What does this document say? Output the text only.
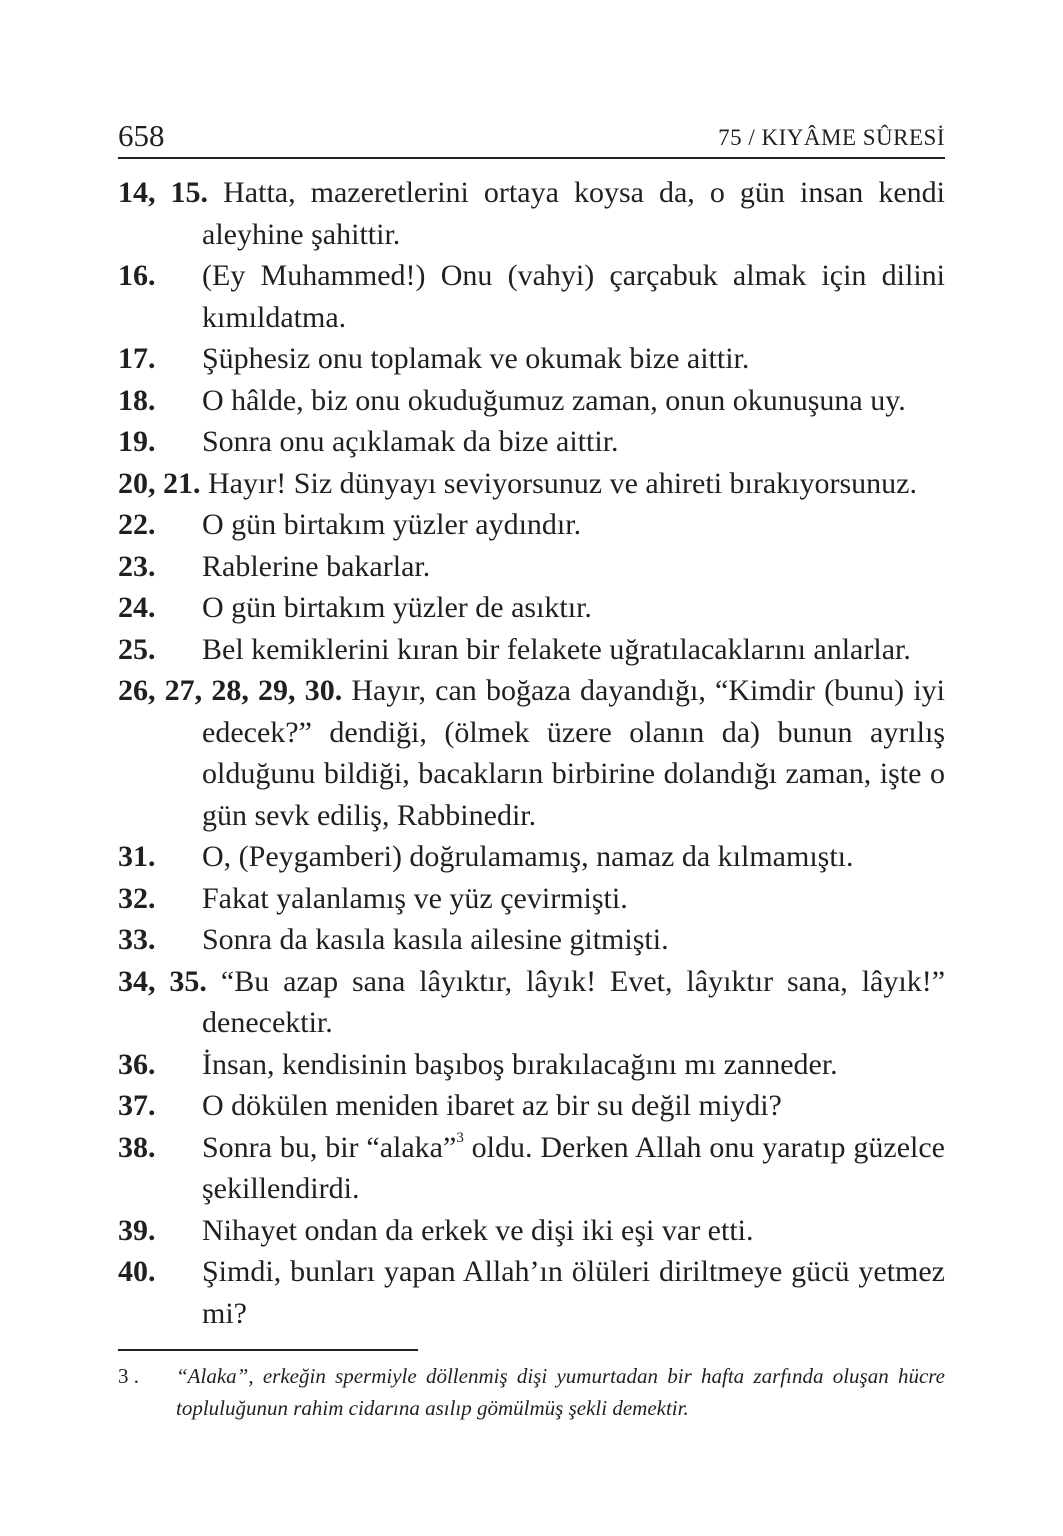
658	75 / KIYÂME SÛRESİ
14, 15. Hatta, mazeretlerini ortaya koysa da, o gün insan kendi aleyhine şahittir.
16.	(Ey Muhammed!) Onu (vahyi) çarçabuk almak için dilini kımıldatma.
17.	Şüphesiz onu toplamak ve okumak bize aittir.
18.	O hâlde, biz onu okuduğumuz zaman, onun okunuşuna uy.
19.	Sonra onu açıklamak da bize aittir.
20, 21. Hayır! Siz dünyayı seviyorsunuz ve ahireti bırakıyorsunuz.
22.	O gün birtakım yüzler aydındır.
23.	Rablerine bakarlar.
24.	O gün birtakım yüzler de asıktır.
25.	Bel kemiklerini kıran bir felakete uğratılacaklarını anlarlar.
26, 27, 28, 29, 30. Hayır, can boğaza dayandığı, “Kimdir (bunu) iyi edecek?” dendiği, (ölmek üzere olanın da) bunun ayrılış olduğunu bildiği, bacakların birbirine dolandığı zaman, işte o gün sevk ediliş, Rabbinedir.
31.	O, (Peygamberi) doğrulamamış, namaz da kılmamıştı.
32.	Fakat yalanlamış ve yüz çevirmişti.
33.	Sonra da kasıla kasıla ailesine gitmişti.
34, 35. “Bu azap sana lâyıktır, lâyık! Evet, lâyıktır sana, lâyık!” denecektir.
36.	İnsan, kendisinin başıboş bırakılacağını mı zanneder.
37.	O dökülen meniden ibaret az bir su değil miydi?
38.	Sonra bu, bir “alaka”$^3$ oldu. Derken Allah onu yaratıp güzelce şekillendirdi.
39.	Nihayet ondan da erkek ve dişi iki eşi var etti.
40.	Şimdi, bunları yapan Allah’ın ölüleri diriltmeye gücü yetmez mi?
3 .	“Alaka”, erkeğin spermiyle döllenmiş dişi yumurtadan bir hafta zarfında oluşan hücre topluluğunun rahim cidarına asılıp gömülmüş şekli demektir.
